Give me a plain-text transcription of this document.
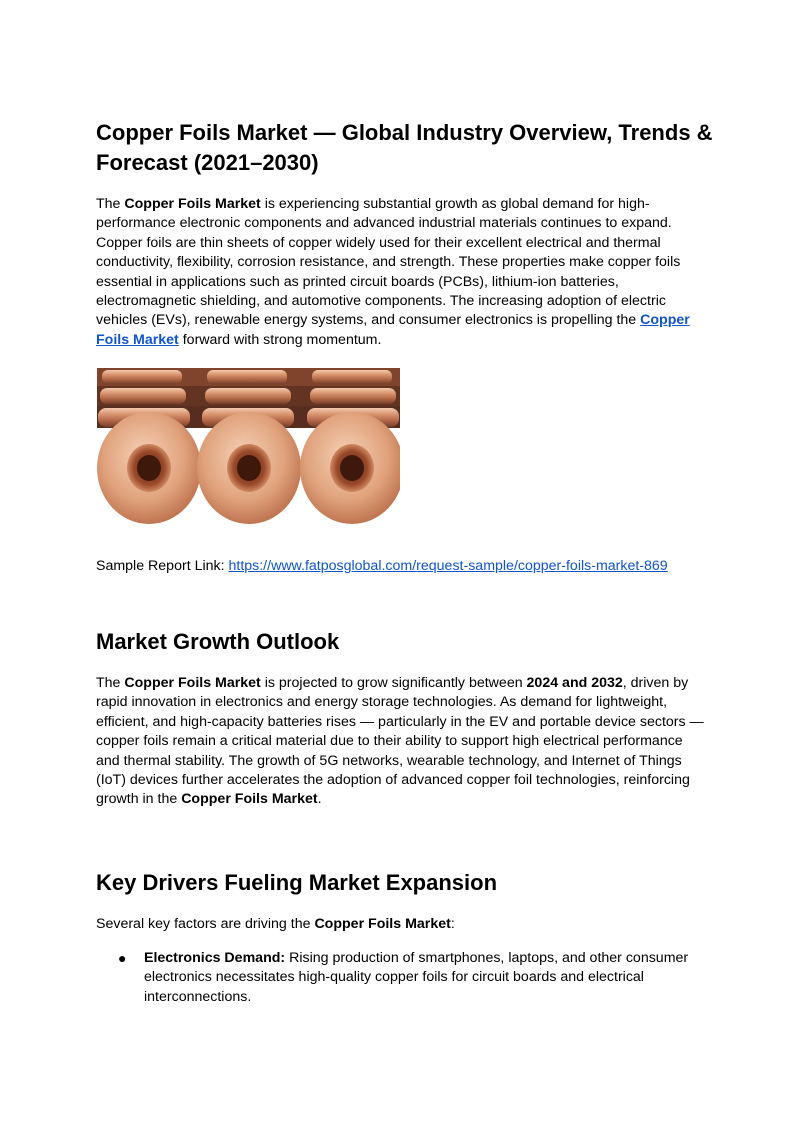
Copper Foils Market — Global Industry Overview, Trends & Forecast (2021–2030)

The Copper Foils Market is experiencing substantial growth as global demand for high-performance electronic components and advanced industrial materials continues to expand. Copper foils are thin sheets of copper widely used for their excellent electrical and thermal conductivity, flexibility, corrosion resistance, and strength. These properties make copper foils essential in applications such as printed circuit boards (PCBs), lithium-ion batteries, electromagnetic shielding, and automotive components. The increasing adoption of electric vehicles (EVs), renewable energy systems, and consumer electronics is propelling the Copper Foils Market forward with strong momentum.

Sample Report Link: https://www.fatposglobal.com/request-sample/copper-foils-market-869

Market Growth Outlook

The Copper Foils Market is projected to grow significantly between 2024 and 2032, driven by rapid innovation in electronics and energy storage technologies. As demand for lightweight, efficient, and high-capacity batteries rises — particularly in the EV and portable device sectors — copper foils remain a critical material due to their ability to support high electrical performance and thermal stability. The growth of 5G networks, wearable technology, and Internet of Things (IoT) devices further accelerates the adoption of advanced copper foil technologies, reinforcing growth in the Copper Foils Market.

Key Drivers Fueling Market Expansion

Several key factors are driving the Copper Foils Market:

● Electronics Demand: Rising production of smartphones, laptops, and other consumer electronics necessitates high-quality copper foils for circuit boards and electrical interconnections.
